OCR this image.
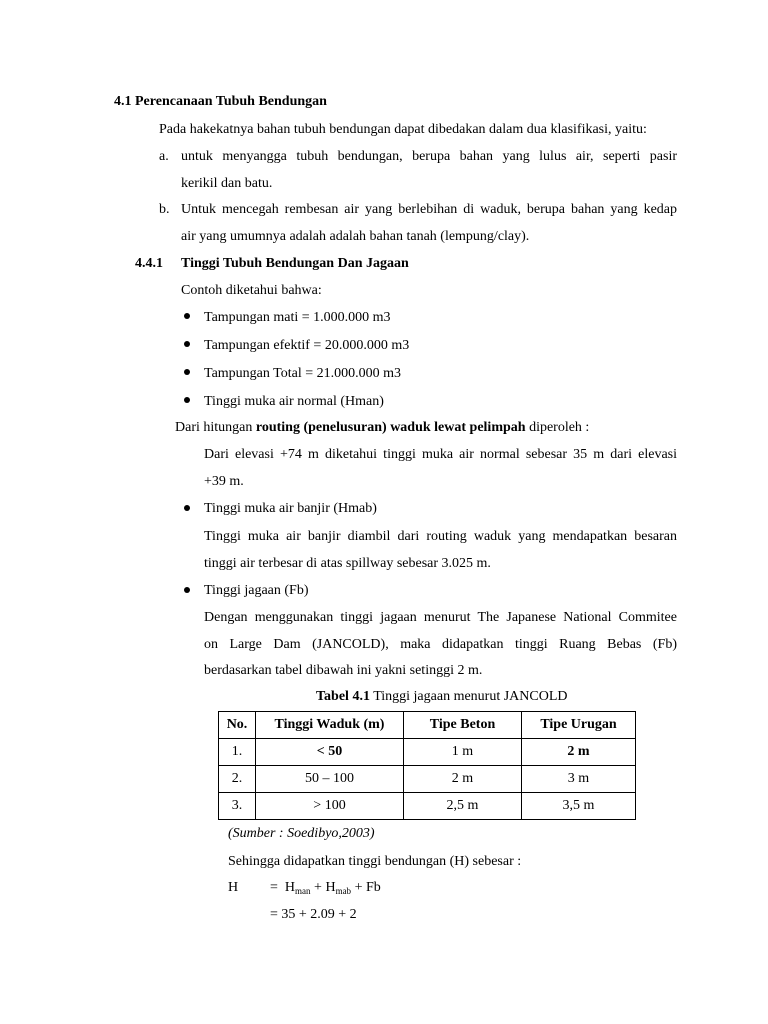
4.1 Perencanaan Tubuh Bendungan
Pada hakekatnya bahan tubuh bendungan dapat dibedakan dalam dua klasifikasi, yaitu:
a. untuk menyangga tubuh bendungan, berupa bahan yang lulus air, seperti pasir
kerikil dan batu.
b. Untuk mencegah rembesan air yang berlebihan di waduk, berupa bahan yang kedap
air yang umumnya adalah adalah bahan tanah (lempung/clay).
4.4.1 Tinggi Tubuh Bendungan Dan Jagaan
Contoh diketahui bahwa:
Tampungan mati = 1.000.000 m3
Tampungan efektif = 20.000.000 m3
Tampungan Total = 21.000.000 m3
Tinggi muka air normal (Hman)
Dari hitungan routing (penelusuran) waduk lewat pelimpah diperoleh :
Dari elevasi +74 m diketahui tinggi muka air normal sebesar 35 m dari elevasi
+39 m.
Tinggi muka air banjir (Hmab)
Tinggi muka air banjir diambil dari routing waduk yang mendapatkan besaran
tinggi air terbesar di atas spillway sebesar 3.025 m.
Tinggi jagaan (Fb)
Dengan menggunakan tinggi jagaan menurut The Japanese National Commitee
on Large Dam (JANCOLD), maka didapatkan tinggi Ruang Bebas (Fb)
berdasarkan tabel dibawah ini yakni setinggi 2 m.
Tabel 4.1 Tinggi jagaan menurut JANCOLD
No.	Tinggi Waduk (m)	Tipe Beton	Tipe Urugan
1.	< 50	1 m	2 m
2.	50 – 100	2 m	3 m
3.	> 100	2,5 m	3,5 m
(Sumber : Soedibyo,2003)
Sehingga didapatkan tinggi bendungan (H) sebesar :
$H = H_{man} + H_{mab} + Fb$
= 35 + 2.09 + 2
